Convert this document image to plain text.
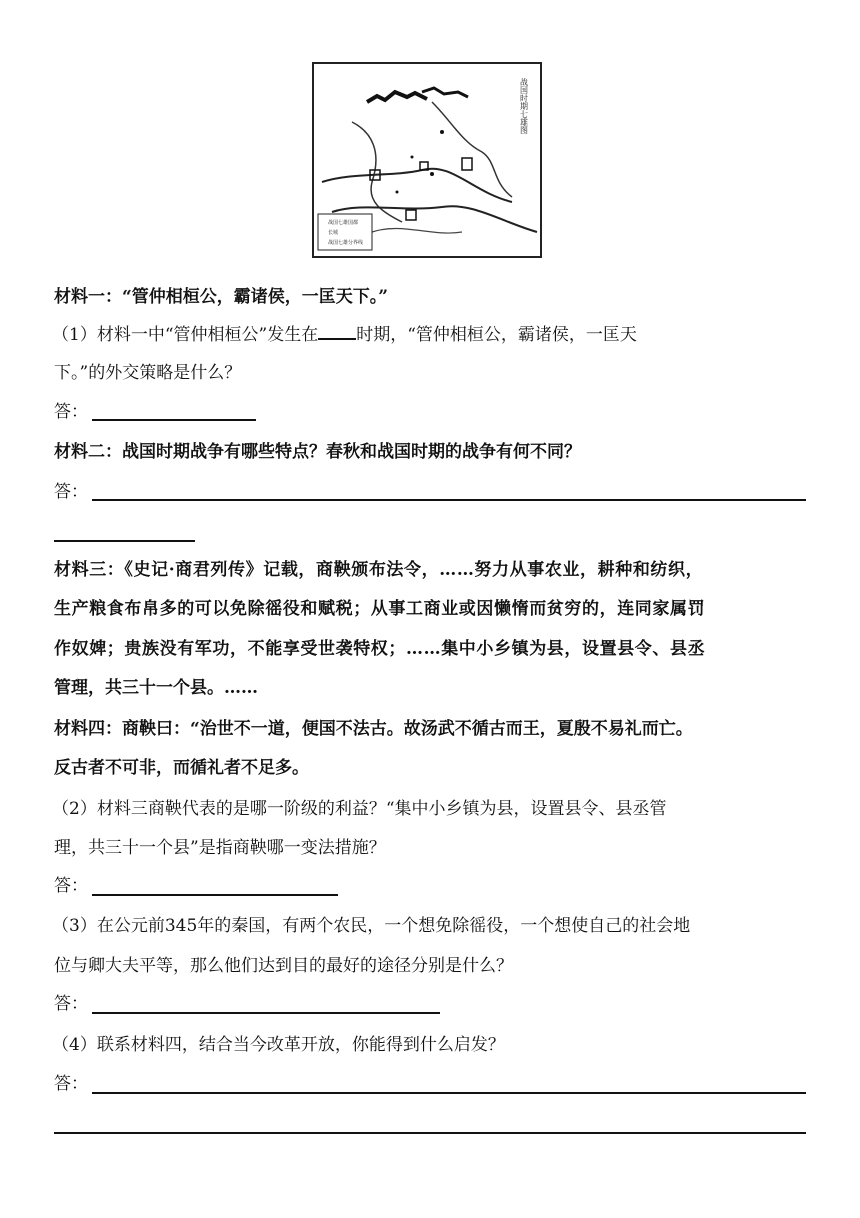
战国时期七雄图
战国七雄国都
长城
战国七雄分界线
材料一：“管仲相桓公，霸诸侯，一匡天下。”
（1）材料一中“管仲相桓公”发生在 时期，“管仲相桓公，霸诸侯，一匡天
下。”的外交策略是什么？
答：
材料二：战国时期战争有哪些特点？春秋和战国时期的战争有何不同？
答：
材料三：《史记·商君列传》记载，商鞅颁布法令，……努力从事农业，耕种和纺织，
生产粮食布帛多的可以免除徭役和赋税；从事工商业或因懒惰而贫穷的，连同家属罚
作奴婢；贵族没有军功，不能享受世袭特权；……集中小乡镇为县，设置县令、县丞
管理，共三十一个县。……
材料四：商鞅曰：“治世不一道，便国不法古。故汤武不循古而王，夏殷不易礼而亡。
反古者不可非，而循礼者不足多。
（2）材料三商鞅代表的是哪一阶级的利益？“集中小乡镇为县，设置县令、县丞管
理，共三十一个县”是指商鞅哪一变法措施？
答：
（3）在公元前345年的秦国，有两个农民，一个想免除徭役，一个想使自己的社会地
位与卿大夫平等，那么他们达到目的最好的途径分别是什么？
答：
（4）联系材料四，结合当今改革开放，你能得到什么启发？
答：
